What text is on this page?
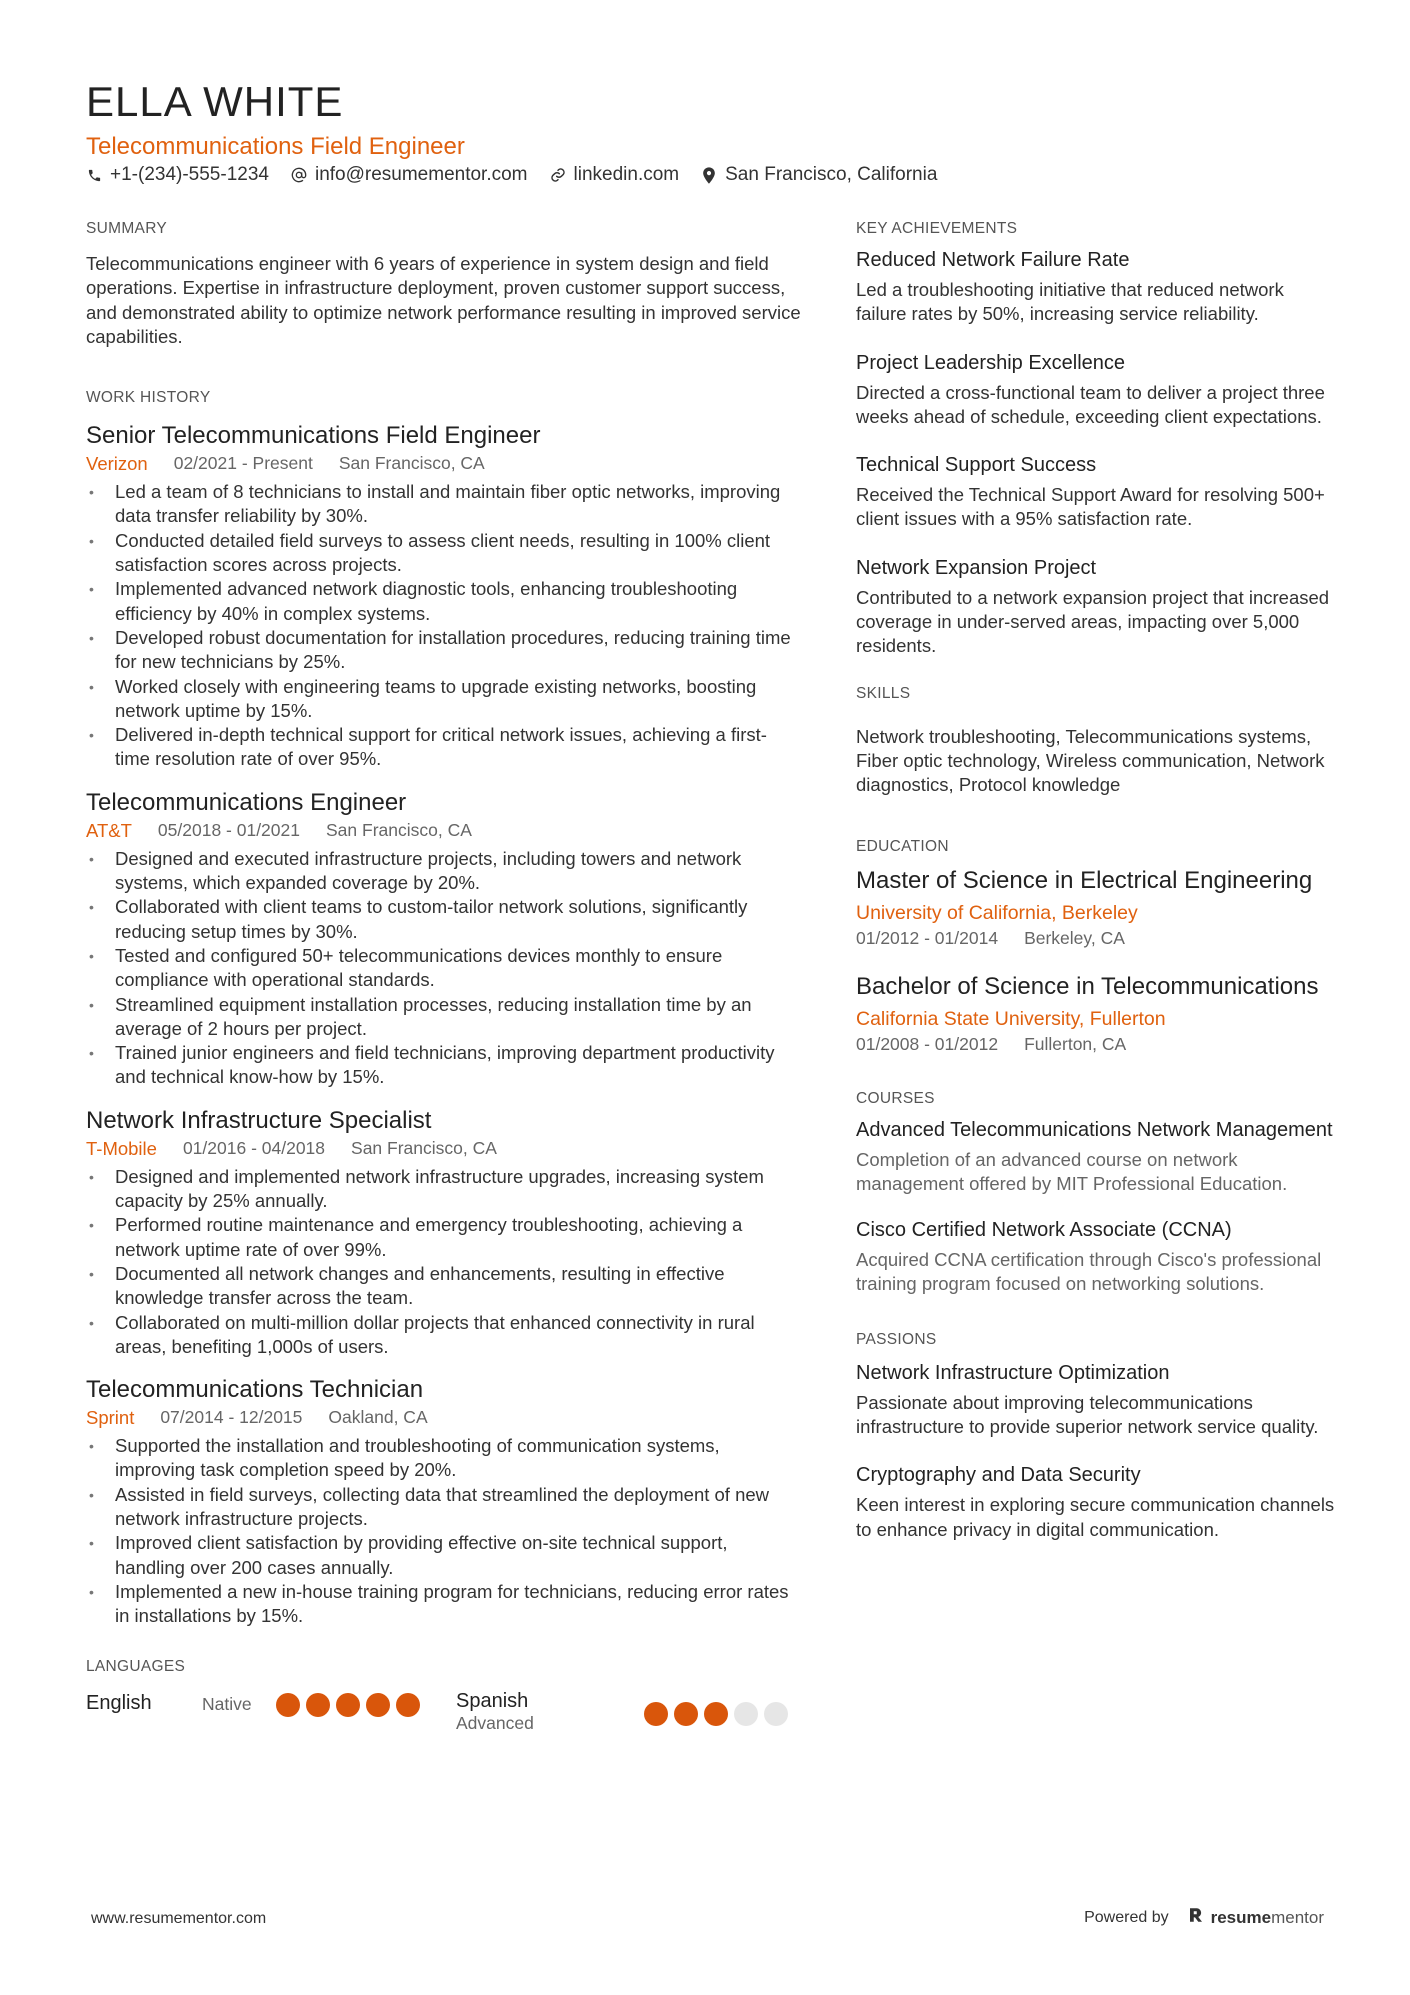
ELLA WHITE
Telecommunications Field Engineer
+1-(234)-555-1234 info@resumementor.com linkedin.com San Francisco, California
SUMMARY

Telecommunications engineer with 6 years of experience in system design and field operations. Expertise in infrastructure deployment, proven customer support success, and demonstrated ability to optimize network performance resulting in improved service capabilities.

WORK HISTORY
Senior Telecommunications Field Engineer
Verizon 02/2021 - Present San Francisco, CA
• Led a team of 8 technicians to install and maintain fiber optic networks, improving data transfer reliability by 30%.
• Conducted detailed field surveys to assess client needs, resulting in 100% client satisfaction scores across projects.
• Implemented advanced network diagnostic tools, enhancing troubleshooting efficiency by 40% in complex systems.
• Developed robust documentation for installation procedures, reducing training time for new technicians by 25%.
• Worked closely with engineering teams to upgrade existing networks, boosting network uptime by 15%.
• Delivered in-depth technical support for critical network issues, achieving a first-time resolution rate of over 95%.
Telecommunications Engineer
AT&T 05/2018 - 01/2021 San Francisco, CA
• Designed and executed infrastructure projects, including towers and network systems, which expanded coverage by 20%.
• Collaborated with client teams to custom-tailor network solutions, significantly reducing setup times by 30%.
• Tested and configured 50+ telecommunications devices monthly to ensure compliance with operational standards.
• Streamlined equipment installation processes, reducing installation time by an average of 2 hours per project.
• Trained junior engineers and field technicians, improving department productivity and technical know-how by 15%.
Network Infrastructure Specialist
T-Mobile 01/2016 - 04/2018 San Francisco, CA
• Designed and implemented network infrastructure upgrades, increasing system capacity by 25% annually.
• Performed routine maintenance and emergency troubleshooting, achieving a network uptime rate of over 99%.
• Documented all network changes and enhancements, resulting in effective knowledge transfer across the team.
• Collaborated on multi-million dollar projects that enhanced connectivity in rural areas, benefiting 1,000s of users.
Telecommunications Technician
Sprint 07/2014 - 12/2015 Oakland, CA
• Supported the installation and troubleshooting of communication systems, improving task completion speed by 20%.
• Assisted in field surveys, collecting data that streamlined the deployment of new network infrastructure projects.
• Improved client satisfaction by providing effective on-site technical support, handling over 200 cases annually.
• Implemented a new in-house training program for technicians, reducing error rates in installations by 15%.
LANGUAGES
English	Native	Spanish
Advanced
KEY ACHIEVEMENTS
Reduced Network Failure Rate

Led a troubleshooting initiative that reduced network failure rates by 50%, increasing service reliability.

Project Leadership Excellence

Directed a cross-functional team to deliver a project three weeks ahead of schedule, exceeding client expectations.

Technical Support Success

Received the Technical Support Award for resolving 500+ client issues with a 95% satisfaction rate.

Network Expansion Project

Contributed to a network expansion project that increased coverage in under-served areas, impacting over 5,000 residents.

SKILLS

Network troubleshooting, Telecommunications systems, Fiber optic technology, Wireless communication, Network diagnostics, Protocol knowledge

EDUCATION
Master of Science in Electrical Engineering
University of California, Berkeley
01/2012 - 01/2014 Berkeley, CA
Bachelor of Science in Telecommunications
California State University, Fullerton
01/2008 - 01/2012 Fullerton, CA
COURSES
Advanced Telecommunications Network Management

Completion of an advanced course on network management offered by MIT Professional Education.

Cisco Certified Network Associate (CCNA)

Acquired CCNA certification through Cisco's professional training program focused on networking solutions.

PASSIONS
Network Infrastructure Optimization

Passionate about improving telecommunications infrastructure to provide superior network service quality.

Cryptography and Data Security

Keen interest in exploring secure communication channels to enhance privacy in digital communication.

www.resumementor.com	Powered by resumementor
